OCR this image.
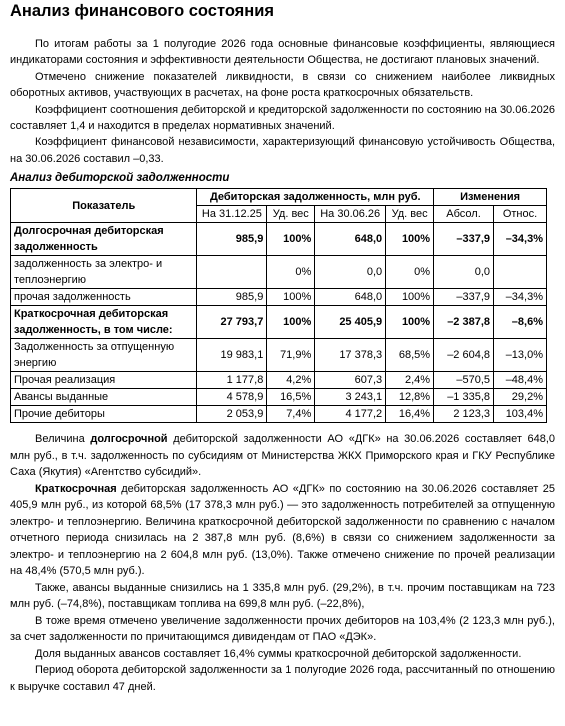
Анализ финансового состояния

По итогам работы за 1 полугодие 2026 года основные финансовые коэффициенты, являющиеся индикаторами состояния и эффективности деятельности Общества, не достигают плановых значений.

Отмечено снижение показателей ликвидности, в связи со снижением наиболее ликвидных оборотных активов, участвующих в расчетах, на фоне роста краткосрочных обязательств.

Коэффициент соотношения дебиторской и кредиторской задолженности по состоянию на 30.06.2026 составляет 1,4 и находится в пределах нормативных значений.

Коэффициент финансовой независимости, характеризующий финансовую устойчивость Общества, на 30.06.2026 составил –0,33.

Анализ дебиторской задолженности
Показатель	Дебиторская задолженность, млн руб.				Изменения	
	На 31.12.25	Уд. вес	На 30.06.26	Уд. вес	Абсол.	Относ.
Долгосрочная дебиторская задолженность	985,9	100%	648,0	100%	–337,9	–34,3%
задолженность за электро- и теплоэнергию		0%	0,0	0%	0,0	
прочая задолженность	985,9	100%	648,0	100%	–337,9	–34,3%
Краткосрочная дебиторская задолженность, в том числе:	27 793,7	100%	25 405,9	100%	–2 387,8	–8,6%
Задолженность за отпущенную энергию	19 983,1	71,9%	17 378,3	68,5%	–2 604,8	–13,0%
Прочая реализация	1 177,8	4,2%	607,3	2,4%	–570,5	–48,4%
Авансы выданные	4 578,9	16,5%	3 243,1	12,8%	–1 335,8	29,2%
Прочие дебиторы	2 053,9	7,4%	4 177,2	16,4%	2 123,3	103,4%

Величина долгосрочной дебиторской задолженности АО «ДГК» на 30.06.2026 составляет 648,0 млн руб., в т.ч. задолженность по субсидиям от Министерства ЖКХ Приморского края и ГКУ Республике Саха (Якутия) «Агентство субсидий».

Краткосрочная дебиторская задолженность АО «ДГК» по состоянию на 30.06.2026 составляет 25 405,9 млн руб., из которой 68,5% (17 378,3 млн руб.) — это задолженность потребителей за отпущенную электро- и теплоэнергию. Величина краткосрочной дебиторской задолженности по сравнению с началом отчетного периода снизилась на 2 387,8 млн руб. (8,6%) в связи со снижением задолженности за электро- и теплоэнергию на 2 604,8 млн руб. (13,0%). Также отмечено снижение по прочей реализации на 48,4% (570,5 млн руб.).

Также, авансы выданные снизились на 1 335,8 млн руб. (29,2%), в т.ч. прочим поставщикам на 723 млн руб. (–74,8%), поставщикам топлива на 699,8 млн руб. (–22,8%),

В тоже время отмечено увеличение задолженности прочих дебиторов на 103,4% (2 123,3 млн руб.), за счет задолженности по причитающимся дивидендам от ПАО «ДЭК».

Доля выданных авансов составляет 16,4% суммы краткосрочной дебиторской задолженности.

Период оборота дебиторской задолженности за 1 полугодие 2026 года, рассчитанный по отношению к выручке составил 47 дней.
